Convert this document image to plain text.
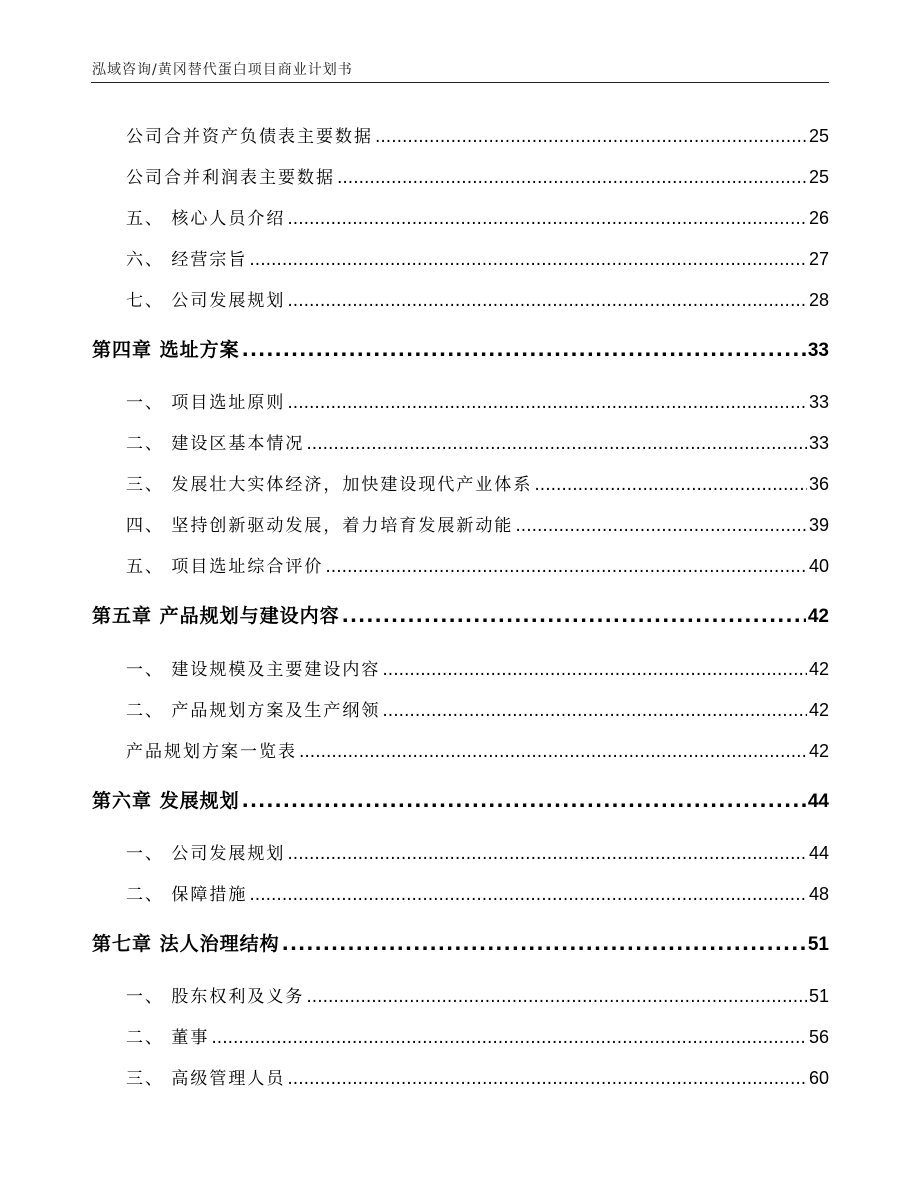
泓域咨询/黄冈替代蛋白项目商业计划书
公司合并资产负债表主要数据 .....	25
公司合并利润表主要数据 .....	25
五、 核心人员介绍 .....	26
六、 经营宗旨 .....	27
七、 公司发展规划 .....	28
第四章 选址方案 .....	33
一、 项目选址原则 .....	33
二、 建设区基本情况 .....	33
三、 发展壮大实体经济，加快建设现代产业体系 .....	36
四、 坚持创新驱动发展，着力培育发展新动能 .....	39
五、 项目选址综合评价 .....	40
第五章 产品规划与建设内容 .....	42
一、 建设规模及主要建设内容 .....	42
二、 产品规划方案及生产纲领 .....	42
产品规划方案一览表 .....	42
第六章 发展规划 .....	44
一、 公司发展规划 .....	44
二、 保障措施 .....	48
第七章 法人治理结构 .....	51
一、 股东权利及义务 .....	51
二、 董事 .....	56
三、 高级管理人员 .....	60
